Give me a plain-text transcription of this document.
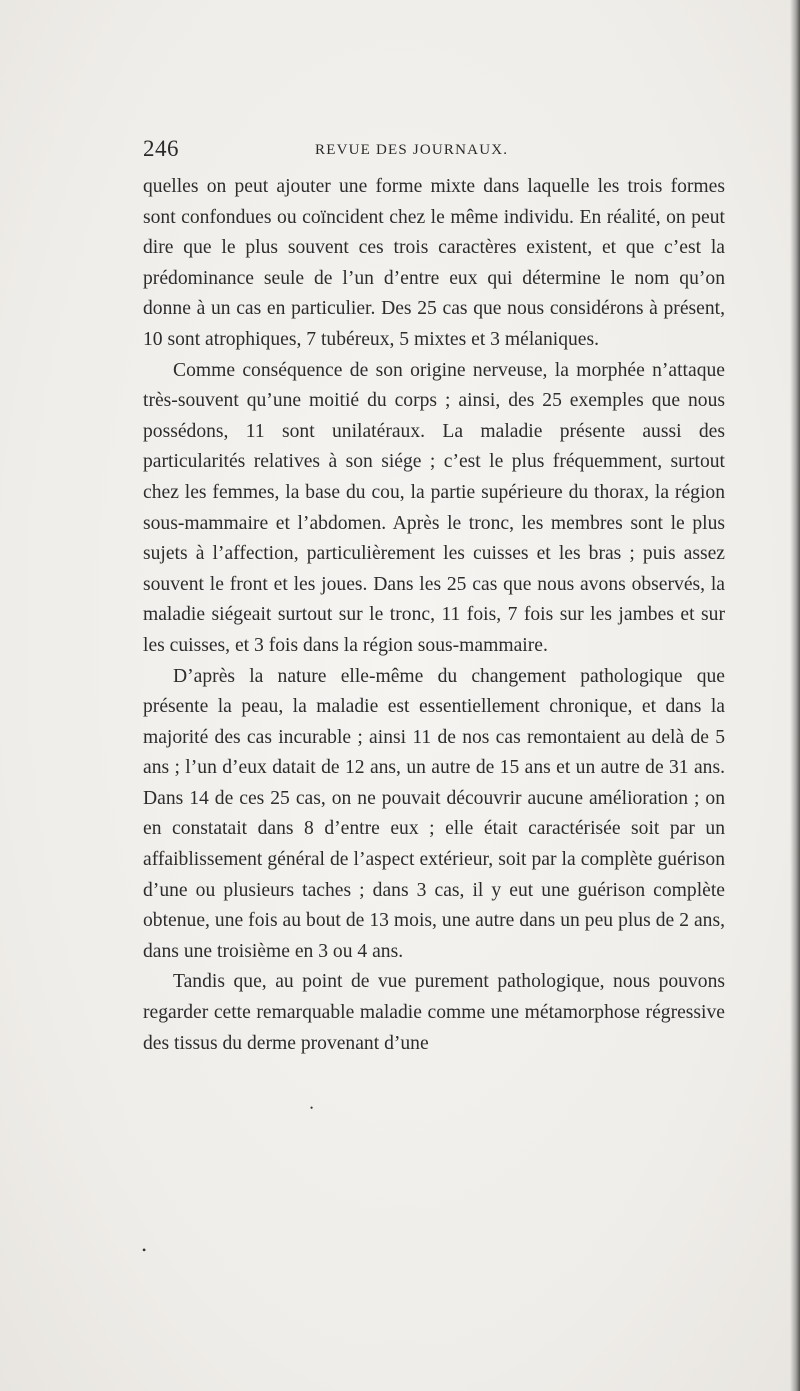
246	REVUE DES JOURNAUX.

quelles on peut ajouter une forme mixte dans laquelle les trois formes sont confondues ou coïncident chez le même individu. En réalité, on peut dire que le plus souvent ces trois caractères existent, et que c’est la prédominance seule de l’un d’entre eux qui détermine le nom qu’on donne à un cas en particulier. Des 25 cas que nous considérons à présent, 10 sont atrophiques, 7 tubéreux, 5 mixtes et 3 mélaniques.

Comme conséquence de son origine nerveuse, la morphée n’attaque très-souvent qu’une moitié du corps ; ainsi, des 25 exemples que nous possédons, 11 sont unilatéraux. La maladie présente aussi des particularités relatives à son siége ; c’est le plus fréquemment, surtout chez les femmes, la base du cou, la partie supérieure du thorax, la région sous-mammaire et l’abdomen. Après le tronc, les membres sont le plus sujets à l’affection, particulièrement les cuisses et les bras ; puis assez souvent le front et les joues. Dans les 25 cas que nous avons observés, la maladie siégeait surtout sur le tronc, 11 fois, 7 fois sur les jambes et sur les cuisses, et 3 fois dans la région sous-mammaire.

D’après la nature elle-même du changement pathologique que présente la peau, la maladie est essentiellement chronique, et dans la majorité des cas incurable ; ainsi 11 de nos cas remontaient au delà de 5 ans ; l’un d’eux datait de 12 ans, un autre de 15 ans et un autre de 31 ans. Dans 14 de ces 25 cas, on ne pouvait découvrir aucune amélioration ; on en constatait dans 8 d’entre eux ; elle était caractérisée soit par un affaiblissement général de l’aspect extérieur, soit par la complète guérison d’une ou plusieurs taches ; dans 3 cas, il y eut une guérison complète obtenue, une fois au bout de 13 mois, une autre dans un peu plus de 2 ans, dans une troisième en 3 ou 4 ans.

Tandis que, au point de vue purement pathologique, nous pouvons regarder cette remarquable maladie comme une métamorphose régressive des tissus du derme provenant d’une

•
•
